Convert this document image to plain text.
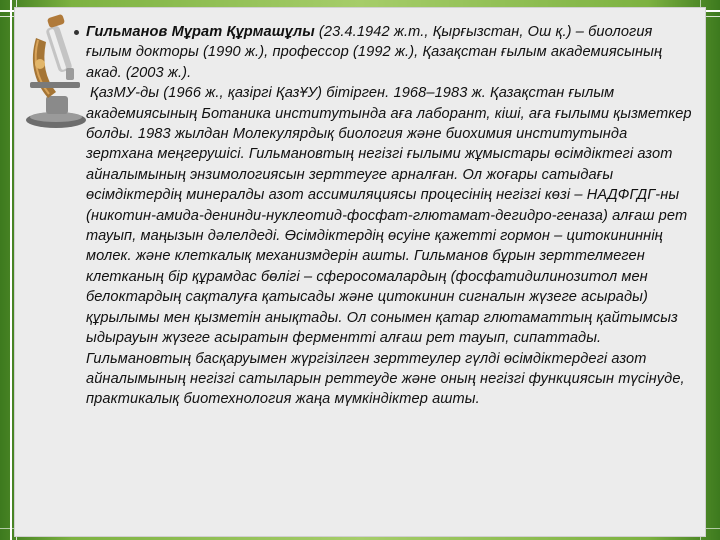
Гильманов Мұрат Құрмашұлы (23.4.1942 ж.т., Қырғызстан, Ош қ.) – биология ғылым докторы (1990 ж.), профессор (1992 ж.), Қазақстан ғылым академиясының акад. (2003 ж.).

ҚазМУ-ды (1966 ж., қазіргі ҚазҰУ) бітірген. 1968–1983 ж. Қазақстан ғылым академиясының Ботаника институтында аға лаборант, кіші, аға ғылыми қызметкер болды. 1983 жылдан Молекулярдық биология және биохимия институтында зертхана меңгерушісі. Гильмановтың негізгі ғылыми жұмыстары өсімдіктегі азот айналымының энзимологиясын зерттеуге арналған. Ол жоғары сатыдағы өсімдіктердің минералды азот ассимиляциясы процесінің негізгі көзі – НАДФГДГ-ны (никотин-амида-денинди-нуклеотид-фосфат-глютамат-дегидро-геназа) алғаш рет тауып, маңызын дәлелдеді. Өсімдіктердің өсуіне қажетті гормон – цитокининнің молек. және клеткалық механизмдерін ашты. Гильманов бұрын зерттелмеген клетканың бір құрамдас бөлігі – сферосомалардың (фосфатидилинозитол мен белоктардың сақталуға қатысады және цитокинин сигналын жүзеге асырады) құрылымы мен қызметін анықтады. Ол сонымен қатар глютаматтың қайтымсыз ыдырауын жүзеге асыратын ферментті алғаш рет тауып, сипаттады. Гильмановтың басқаруымен жүргізілген зерттеулер гүлді өсімдіктердегі азот айналымының негізгі сатыларын реттеуде және оның негізгі функциясын түсінуде, практикалық биотехнология жаңа мүмкіндіктер ашты.
